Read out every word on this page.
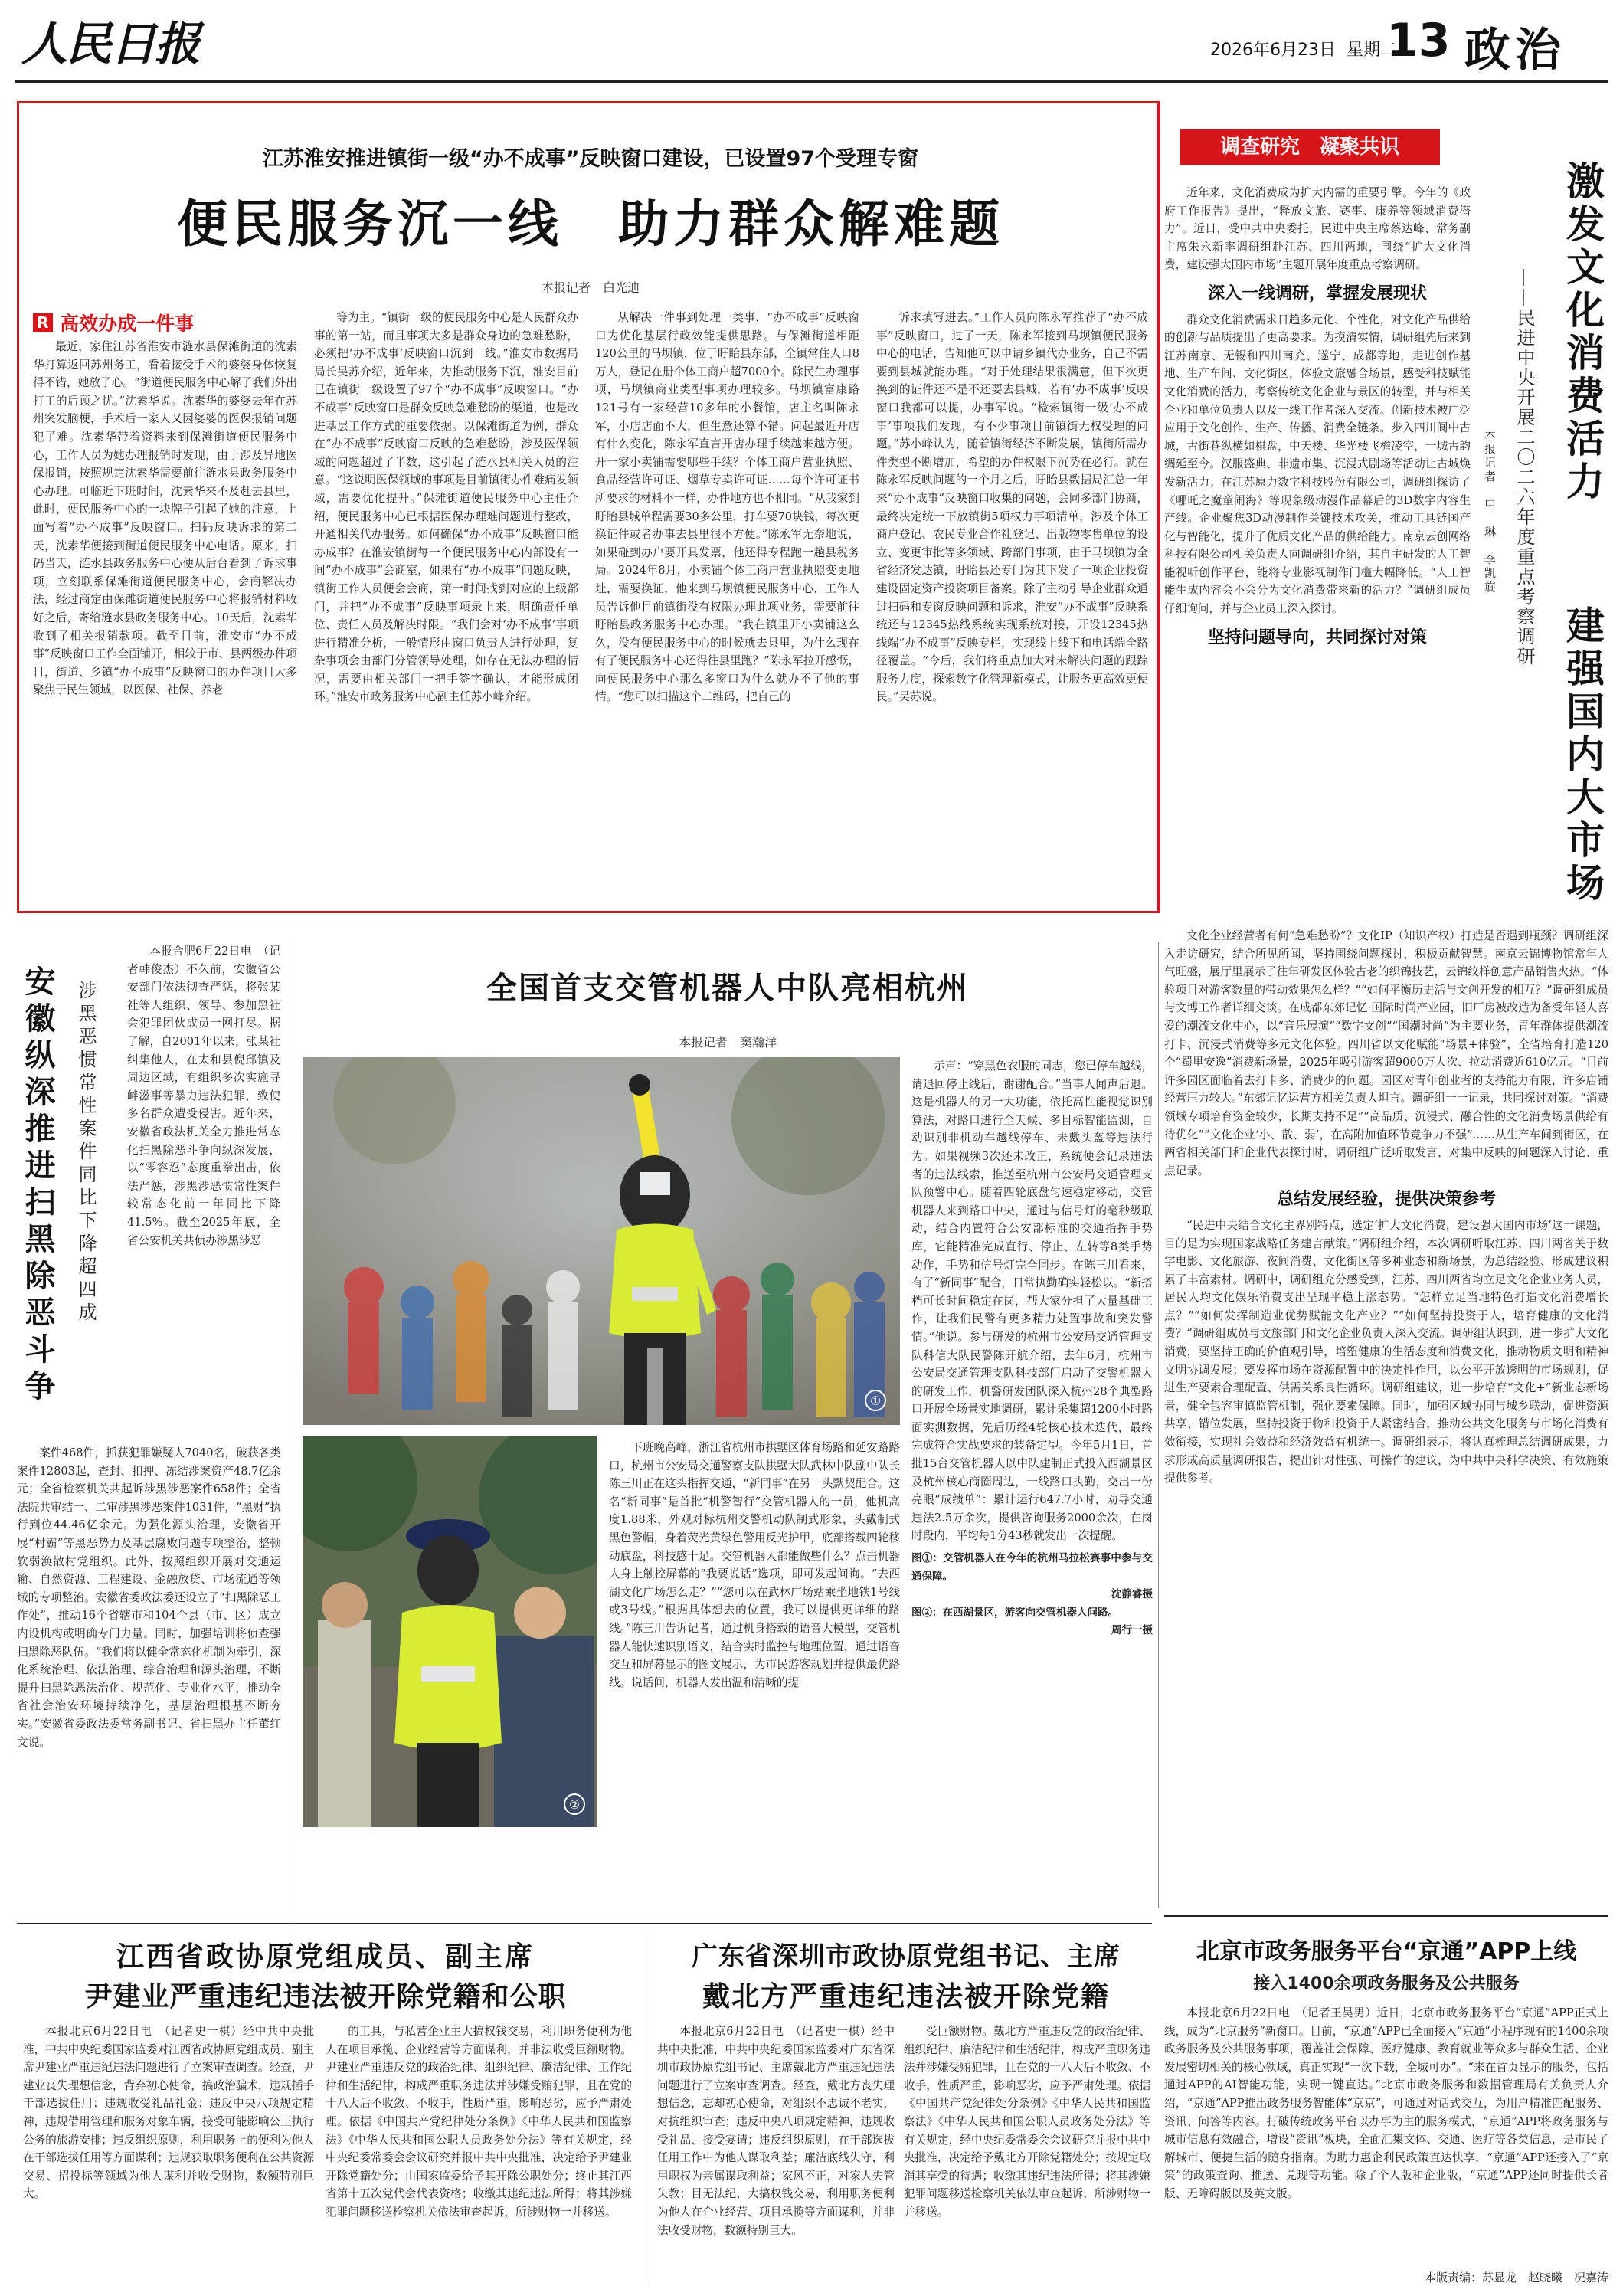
人民日报	2026年6月23日 星期二
13 政治
江苏淮安推进镇街一级“办不成事”反映窗口建设，已设置97个受理专窗
便民服务沉一线　助力群众解难题
本报记者　白光迪
R 高效办成一件事

最近，家住江苏省淮安市涟水县保滩街道的沈素华打算返回苏州务工，看着接受手术的婆婆身体恢复得不错，她放了心。“街道便民服务中心解了我们外出打工的后顾之忧。”沈素华说。沈素华的婆婆去年在苏州突发脑梗，手术后一家人又因婆婆的医保报销问题犯了难。沈素华带着资料来到保滩街道便民服务中心，工作人员为她办理报销时发现，由于涉及异地医保报销，按照规定沈素华需要前往涟水县政务服务中心办理。可临近下班时间，沈素华来不及赶去县里，此时，便民服务中心的一块牌子引起了她的注意，上面写着“办不成事”反映窗口。扫码反映诉求的第二天，沈素华便接到街道便民服务中心电话。原来，扫码当天，涟水县政务服务中心便从后台看到了诉求事项，立刻联系保滩街道便民服务中心，会商解决办法，经过商定由保滩街道便民服务中心将报销材料收好之后，寄给涟水县政务服务中心。10天后，沈素华收到了相关报销款项。截至目前，淮安市“办不成事”反映窗口工作全面铺开，相较于市、县两级办件项目，街道、乡镇“办不成事”反映窗口的办件项目大多聚焦于民生领域，以医保、社保、养老

等为主。“镇街一级的便民服务中心是人民群众办事的第一站，而且事项大多是群众身边的急难愁盼，必须把‘办不成事’反映窗口沉到一线。”淮安市数据局局长吴苏介绍，近年来，为推动服务下沉，淮安目前已在镇街一级设置了97个“办不成事”反映窗口。“办不成事”反映窗口是群众反映急难愁盼的渠道，也是改进基层工作方式的重要依据。以保滩街道为例，群众在“办不成事”反映窗口反映的急难愁盼，涉及医保领域的问题超过了半数，这引起了涟水县相关人员的注意。“这说明医保领域的事项是目前镇街办件难痛发领域，需要优化提升。”保滩街道便民服务中心主任介绍，便民服务中心已根据医保办理难问题进行整改，开通相关代办服务。如何确保“办不成事”反映窗口能办成事？在淮安镇街每一个便民服务中心内部设有一间“办不成事”会商室，如果有“办不成事”问题反映，镇街工作人员便会会商，第一时间找到对应的上级部门，并把“办不成事”反映事项录上来，明确责任单位、责任人员及解决时限。“我们会对‘办不成事’事项进行精准分析，一般情形由窗口负责人进行处理，复杂事项会由部门分管领导处理，如存在无法办理的情况，需要由相关部门一把手签字确认，才能形成闭环。”淮安市政务服务中心副主任苏小峰介绍。

从解决一件事到处理一类事，“办不成事”反映窗口为优化基层行政效能提供思路。与保滩街道相距120公里的马坝镇，位于盱眙县东部，全镇常住人口8万人，登记在册个体工商户超7000个。除民生办理事项，马坝镇商业类型事项办理较多。马坝镇富康路121号有一家经营10多年的小餐馆，店主名叫陈永军，小店店面不大，但生意还算不错。问起最近开店有什么变化，陈永军直言开店办理手续越来越方便。开一家小卖铺需要哪些手续？个体工商户营业执照、食品经营许可证、烟草专卖许可证……每个许可证书所要求的材料不一样，办件地方也不相同。“从我家到盱眙县城单程需要30多公里，打车要70块钱，每次更换证件或者办事去县里很不方便。”陈永军无奈地说，如果碰到办户要开具发票，他还得专程跑一趟县税务局。2024年8月，小卖铺个体工商户营业执照变更地址，需要换证，他来到马坝镇便民服务中心，工作人员告诉他目前镇街没有权限办理此项业务，需要前往盱眙县政务服务中心办理。“我在镇里开小卖铺这么久，没有便民服务中心的时候就去县里，为什么现在有了便民服务中心还得往县里跑？”陈永军拉开感慨，向便民服务中心那么多窗口为什么就办不了他的事情。“您可以扫描这个二维码，把自己的

诉求填写进去。”工作人员向陈永军推荐了“办不成事”反映窗口，过了一天，陈永军接到马坝镇便民服务中心的电话，告知他可以申请乡镇代办业务，自己不需要到县城就能办理。“对于处理结果很满意，但下次更换到的证件还不是不还要去县城，若有‘办不成事’反映窗口我都可以提，办事军说。“检索镇街一级‘办不成事’事项我们发现，有不少事项目前镇街无权受理的问题。”苏小峰认为，随着镇街经济不断发展，镇街所需办件类型不断增加，希望的办件权限下沉势在必行。就在陈永军反映问题的一个月之后，盱眙县数据局汇总一年来“办不成事”反映窗口收集的问题，会同多部门协商，最终决定统一下放镇街5项权力事项清单，涉及个体工商户登记、农民专业合作社登记、出版物零售单位的设立、变更审批等多领域、跨部门事项，由于马坝镇为全省经济发达镇，盱眙县还专门为其下发了一项企业投资建设固定资产投资项目备案。除了主动引导企业群众通过扫码和专窗反映问题和诉求，淮安“办不成事”反映系统还与12345热线系统实现系统对接，开设12345热线端“办不成事”反映专栏，实现线上线下和电话端全路径覆盖。“今后，我们将重点加大对未解决问题的跟踪服务力度，探索数字化管理新模式，让服务更高效更便民。”吴苏说。

调查研究　凝聚共识
激发文化消费活力
建强国内大市场
——民进中央开展二〇二六年度重点考察调研
本报记者　申　琳　李凯旋

近年来，文化消费成为扩大内需的重要引擎。今年的《政府工作报告》提出，“释放文旅、赛事、康养等领域消费潜力”。近日，受中共中央委托，民进中央主席蔡达峰、常务副主席朱永新率调研组赴江苏、四川两地，围绕“扩大文化消费，建设强大国内市场”主题开展年度重点考察调研。

深入一线调研，掌握发展现状

群众文化消费需求日趋多元化、个性化，对文化产品供给的创新与品质提出了更高要求。为摸清实情，调研组先后来到江苏南京、无锡和四川南充、遂宁、成都等地，走进创作基地、生产车间、文化街区，体验文旅融合场景，感受科技赋能文化消费的活力，考察传统文化企业与景区的转型，并与相关企业和单位负责人以及一线工作者深入交流。创新技术被广泛应用于文化创作、生产、传播、消费全链条。步入四川阆中古城，古街巷纵横如棋盘，中天楼、华光楼飞檐凌空，一城古韵绸延至今。汉服盛典、非遗市集、沉浸式剧场等活动让古城焕发新活力；在江苏原力数字科技股份有限公司，调研组探访了《哪吒之魔童闹海》等现象级动漫作品幕后的3D数字内容生产线。企业聚焦3D动漫制作关键技术攻关，推动工具链国产化与智能化，提升了优质文化产品的供给能力。南京云创网络科技有限公司相关负责人向调研组介绍，其自主研发的人工智能视听创作平台，能将专业影视制作门槛大幅降低。“人工智能生成内容会不会分为文化消费带来新的活力？”调研组成员仔细询问，并与企业员工深入探讨。

坚持问题导向，共同探讨对策

文化企业经营者有何“急难愁盼”？文化IP（知识产权）打造是否遇到瓶颈？调研组深入走访研究，结合所见所闻，坚持围绕问题探讨，积极贡献智慧。南京云锦博物馆常年人气旺盛，展厅里展示了往年研发区体验古老的织锦技艺，云锦纹样创意产品销售火热。“体验项目对游客数量的带动效果怎么样？”“如何平衡历史活与文创开发的相互？”调研组成员与文博工作者详细交谈。在成都东郊记忆·国际时尚产业园，旧厂房被改造为备受年轻人喜爱的潮流文化中心，以“音乐展演”“数字文创”“国潮时尚”为主要业务，青年群体提供潮流打卡、沉浸式消费等多元文化体验。四川省以文化赋能“场景+体验”，全省培育打造120个“蜀里安逸”消费新场景，2025年吸引游客超9000万人次、拉动消费近610亿元。“目前许多园区面临着去打卡多、消费少的问题。园区对青年创业者的支持能力有限，许多店铺经营压力较大。”东郊记忆运营方相关负责人坦言。调研组一一记录，共同探讨对策。“消费领域专项培育资金较少，长期支持不足”“高品质、沉浸式、融合性的文化消费场景供给有待优化”“文化企业‘小、散、弱’，在高附加值环节竞争力不强”……从生产车间到街区，在两省相关部门和企业代表探讨时，调研组广泛听取发言，对集中反映的问题深入讨论、重点记录。

总结发展经验，提供决策参考

“民进中央结合文化主界别特点，选定‘扩大文化消费，建设强大国内市场’这一课题，目的是为实现国家战略任务建言献策。”调研组介绍，本次调研听取江苏、四川两省关于数字电影、文化旅游、夜间消费、文化街区等多种业态和新场景，为总结经验、形成建议积累了丰富素材。调研中，调研组充分感受到，江苏、四川两省均立足文化企业业务人员，居民人均文化娱乐消费支出呈现平稳上涨态势。“怎样立足当地特色打造文化消费增长点？”“如何发挥制造业优势赋能文化产业？”“如何坚持投资于人，培育健康的文化消费？”调研组成员与文旅部门和文化企业负责人深入交流。调研组认识到，进一步扩大文化消费，要坚持正确的价值观引导，培塑健康的生活态度和消费文化，推动物质文明和精神文明协调发展；要发挥市场在资源配置中的决定性作用，以公平开放透明的市场规则，促进生产要素合理配置、供需关系良性循环。调研组建议，进一步培育“文化+”新业态新场景，健全包容审慎监管机制，强化要素保障。同时，加强区域协同与城乡联动，促进资源共享、错位发展，坚持投资于物和投资于人紧密结合，推动公共文化服务与市场化消费有效衔接，实现社会效益和经济效益有机统一。调研组表示，将认真梳理总结调研成果，力求形成高质量调研报告，提出针对性强、可操作的建议，为中共中央科学决策、有效施策提供参考。

安徽纵深推进扫黑除恶斗争 涉黑恶惯常性案件同比下降超四成

本报合肥6月22日电　（记者韩俊杰）不久前，安徽省公安部门依法彻查严惩，将张某社等人组织、领导、参加黑社会犯罪团伙成员一网打尽。据了解，自2001年以来，张某社纠集他人，在太和县倪邱镇及周边区域，有组织多次实施寻衅滋事等暴力违法犯罪，致使多名群众遭受侵害。近年来，安徽省政法机关全力推进常态化扫黑除恶斗争向纵深发展，以“零容忍”态度重拳出击，依法严惩，涉黑涉恶惯常性案件较常态化前一年同比下降41.5%。截至2025年底，全省公安机关共侦办涉黑涉恶

案件468件，抓获犯罪嫌疑人7040名，破获各类案件12803起，查封、扣押、冻结涉案资产48.7亿余元；全省检察机关共起诉涉黑涉恶案件658件；全省法院共审结一、二审涉黑涉恶案件1031件，“黑财”执行到位44.46亿余元。为强化源头治理，安徽省开展“村霸”等黑恶势力及基层腐败问题专项整治，整顿软弱涣散村党组织。此外，按照组织开展对交通运输、自然资源、工程建设、金融放贷、市场流通等领域的专项整治。安徽省委政法委还设立了“扫黑除恶工作处”，推动16个省辖市和104个县（市、区）成立内设机构或明确专门力量。同时，加强培训将侦查强扫黑除恶队伍。“我们将以健全常态化机制为牵引，深化系统治理、依法治理、综合治理和源头治理，不断提升扫黑除恶法治化、规范化、专业化水平，推动全省社会治安环境持续净化，基层治理根基不断夯实。”安徽省委政法委常务副书记、省扫黑办主任董红文说。

全国首支交管机器人中队亮相杭州
本报记者　窦瀚洋
①
②

下班晚高峰，浙江省杭州市拱墅区体育场路和延安路路口，杭州市公安局交通警察支队拱墅大队武林中队副中队长陈三川正在这头指挥交通，“新同事”在另一头默契配合。这名“新同事”是首批“机警智行”交管机器人的一员，他机高度1.88米，外观对标杭州交警机动队制式形象，头戴制式黑色警帽，身着荧光黄绿色警用反光护甲，底部搭载四轮移动底盘，科技感十足。交管机器人都能做些什么？点击机器人身上触控屏幕的“我要说话”选项，即可发起问询。“去西湖文化广场怎么走？”“您可以在武林广场站乘坐地铁1号线或3号线。”根据具体想去的位置，我可以提供更详细的路线。”陈三川告诉记者，通过机身搭载的语音大模型，交管机器人能快速识别语义，结合实时监控与地理位置，通过语音交互和屏幕显示的图文展示，为市民游客规划并提供最优路线。说话间，机器人发出温和清晰的提

示声：“穿黑色衣服的同志，您已停车越线，请退回停止线后，谢谢配合。”当事人闻声后退。这是机器人的另一大功能，依托高性能视觉识别算法，对路口进行全天候、多目标智能监测，自动识别非机动车越线停车、未戴头盔等违法行为。如果视频3次还未改正，系统便会记录违法者的违法线索，推送至杭州市公安局交通管理支队预警中心。随着四轮底盘匀速稳定移动，交管机器人来到路口中央，通过与信号灯的毫秒级联动，结合内置符合公安部标准的交通指挥手势库，它能精准完成直行、停止、左转等8类手势动作，手势和信号灯完全同步。在陈三川看来，有了“新同事”配合，日常执勤确实轻松以。“新搭档可长时间稳定在岗，帮大家分担了大量基础工作，让我们民警有更多精力处置事故和突发警情。”他说。参与研发的杭州市公安局交通管理支队科信大队民警陈开航介绍，去年6月，杭州市公安局交通管理支队科技部门启动了交警机器人的研发工作，机警研发团队深入杭州28个典型路口开展全场景实地调研，累计采集超1200小时路面实测数据，先后历经4轮核心技术迭代，最终完成符合实战要求的装备定型。今年5月1日，首批15台交管机器人以中队建制正式投入西湖景区及杭州核心商圈周边，一线路口执勤，交出一份亮眼“成绩单”：累计运行647.7小时，劝导交通违法2.5万余次，提供咨询服务2000余次，在岗时段内，平均每1分43秒就发出一次提醒。

图①：交管机器人在今年的杭州马拉松赛事中参与交通保障。

沈静睿摄

图②：在西湖景区，游客向交管机器人问路。

周行一摄
江西省政协原党组成员、副主席
尹建业严重违纪违法被开除党籍和公职

本报北京6月22日电　（记者史一棋）经中共中央批准，中共中央纪委国家监委对江西省政协原党组成员、副主席尹建业严重违纪违法问题进行了立案审查调查。经查，尹建业丧失理想信念，背弃初心使命，搞政治骗术，违规插手干部选拔任用；违规收受礼品礼金；违反中央八项规定精神，违规借用管理和服务对象车辆，接受可能影响公正执行公务的旅游安排；违反组织原则，利用职务上的便利为他人在干部选拔任用等方面谋利；违规获取职务便利在公共资源交易、招投标等领域为他人谋利并收受财物，数额特别巨大。

的工具，与私营企业主大搞权钱交易，利用职务便利为他人在项目承揽、企业经营等方面谋利，并非法收受巨额财物。尹建业严重违反党的政治纪律、组织纪律、廉洁纪律、工作纪律和生活纪律，构成严重职务违法并涉嫌受贿犯罪，且在党的十八大后不收敛、不收手，性质严重，影响恶劣，应予严肃处理。依据《中国共产党纪律处分条例》《中华人民共和国监察法》《中华人民共和国公职人员政务处分法》等有关规定，经中央纪委常委会会议研究并报中共中央批准，决定给予尹建业开除党籍处分；由国家监委给予其开除公职处分；终止其江西省第十五次党代会代表资格；收缴其违纪违法所得；将其涉嫌犯罪问题移送检察机关依法审查起诉，所涉财物一并移送。

广东省深圳市政协原党组书记、主席
戴北方严重违纪违法被开除党籍

本报北京6月22日电　（记者史一棋）经中共中央批准，中共中央纪委国家监委对广东省深圳市政协原党组书记、主席戴北方严重违纪违法问题进行了立案审查调查。经查，戴北方丧失理想信念，忘却初心使命，对组织不忠诚不老实，对抗组织审查；违反中央八项规定精神，违规收受礼品、接受宴请；违反组织原则，在干部选拔任用工作中为他人谋取利益；廉洁底线失守，利用职权为亲属谋取利益；家风不正，对家人失管失教；目无法纪，大搞权钱交易，利用职务便利为他人在企业经营、项目承揽等方面谋利，并非法收受财物，数额特别巨大。

受巨额财物。戴北方严重违反党的政治纪律、组织纪律、廉洁纪律和生活纪律，构成严重职务违法并涉嫌受贿犯罪，且在党的十八大后不收敛、不收手，性质严重，影响恶劣，应予严肃处理。依据《中国共产党纪律处分条例》《中华人民共和国监察法》《中华人民共和国公职人员政务处分法》等有关规定，经中央纪委常委会会议研究并报中共中央批准，决定给予戴北方开除党籍处分；按规定取消其享受的待遇；收缴其违纪违法所得；将其涉嫌犯罪问题移送检察机关依法审查起诉，所涉财物一并移送。

北京市政务服务平台“京通”APP上线
接入1400余项政务服务及公共服务

本报北京6月22日电　（记者王昊男）近日，北京市政务服务平台“京通”APP正式上线，成为“北京服务”新窗口。目前，“京通”APP已全面接入“京通”小程序现有的1400余项政务服务及公共服务事项，覆盖社会保障、医疗健康、教育就业等众多与群众生活、企业发展密切相关的核心领域，真正实现“一次下载，全城可办”。“来在首页显示的服务，包括通过APP的AI智能功能，实现一键直达。”北京市政务服务和数据管理局有关负责人介绍，“京通”APP推出政务服务智能体“京京”，可通过对话式交互，为用户精准匹配服务、资讯、问答等内容。打破传统政务平台以办事为主的服务模式，“京通”APP将政务服务与城市信息有效融合，增设“资讯”板块，全面汇集文体、交通、医疗等各类信息，是市民了解城市、便捷生活的随身指南。为助力惠企利民政策直达快享，“京通”APP还接入了“京策”的政策查询、推送、兑现等功能。除了个人版和企业版，“京通”APP还同时提供长者版、无障碍版以及英文版。

本版责编：苏显龙　赵晓曦　况嘉涛
